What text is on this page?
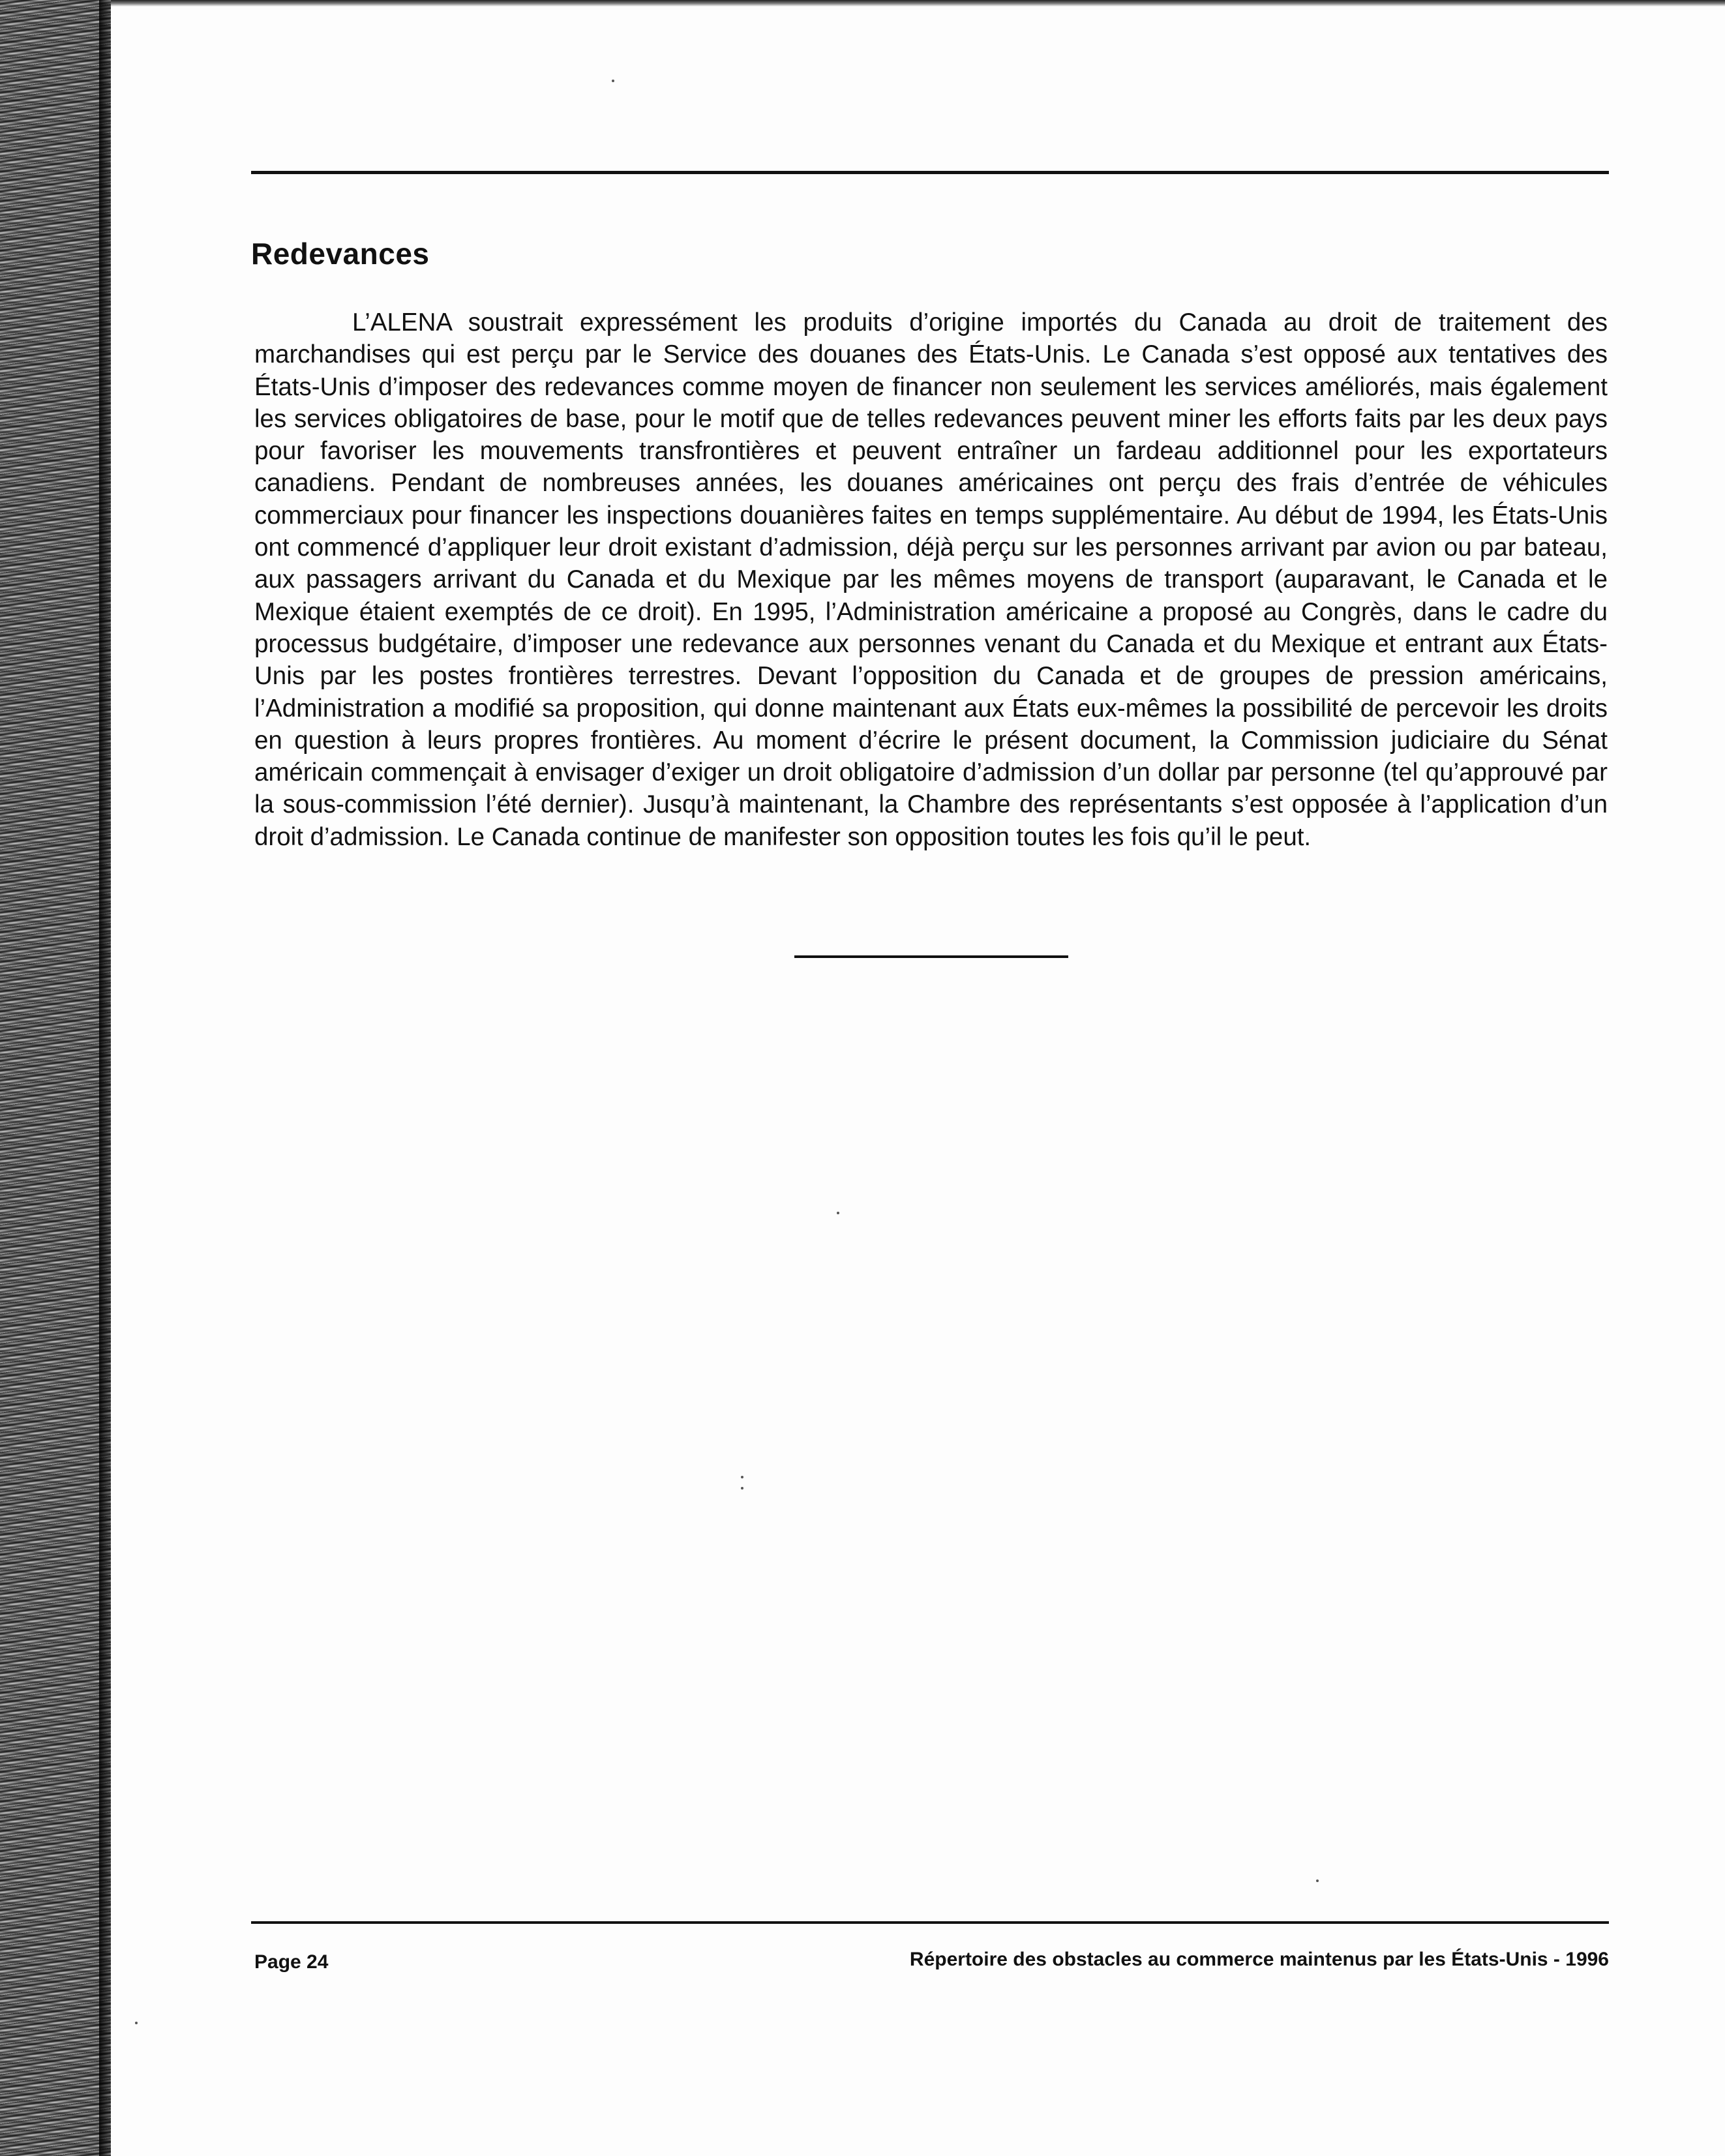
Redevances

L’ALENA soustrait expressément les produits d’origine importés du Canada au droit de traitement des marchandises qui est perçu par le Service des douanes des États-Unis. Le Canada s’est opposé aux tentatives des États-Unis d’imposer des redevances comme moyen de financer non seulement les services améliorés, mais également les services obligatoires de base, pour le motif que de telles redevances peuvent miner les efforts faits par les deux pays pour favoriser les mouvements transfrontières et peuvent entraîner un fardeau additionnel pour les exportateurs canadiens. Pendant de nombreuses années, les douanes américaines ont perçu des frais d’entrée de véhicules commerciaux pour financer les inspections douanières faites en temps supplémentaire. Au début de 1994, les États-Unis ont commencé d’appliquer leur droit existant d’admission, déjà perçu sur les personnes arrivant par avion ou par bateau, aux passagers arrivant du Canada et du Mexique par les mêmes moyens de transport (auparavant, le Canada et le Mexique étaient exemptés de ce droit). En 1995, l’Administration américaine a proposé au Congrès, dans le cadre du processus budgétaire, d’imposer une redevance aux personnes venant du Canada et du Mexique et entrant aux États-Unis par les postes frontières terrestres. Devant l’opposition du Canada et de groupes de pression américains, l’Administration a modifié sa proposition, qui donne maintenant aux États eux-mêmes la possibilité de percevoir les droits en question à leurs propres frontières. Au moment d’écrire le présent document, la Commission judiciaire du Sénat américain commençait à envisager d’exiger un droit obligatoire d’admission d’un dollar par personne (tel qu’approuvé par la sous-commission l’été dernier). Jusqu’à maintenant, la Chambre des représentants s’est opposée à l’application d’un droit d’admission. Le Canada continue de manifester son opposition toutes les fois qu’il le peut.

Page 24	Répertoire des obstacles au commerce maintenus par les États-Unis - 1996
